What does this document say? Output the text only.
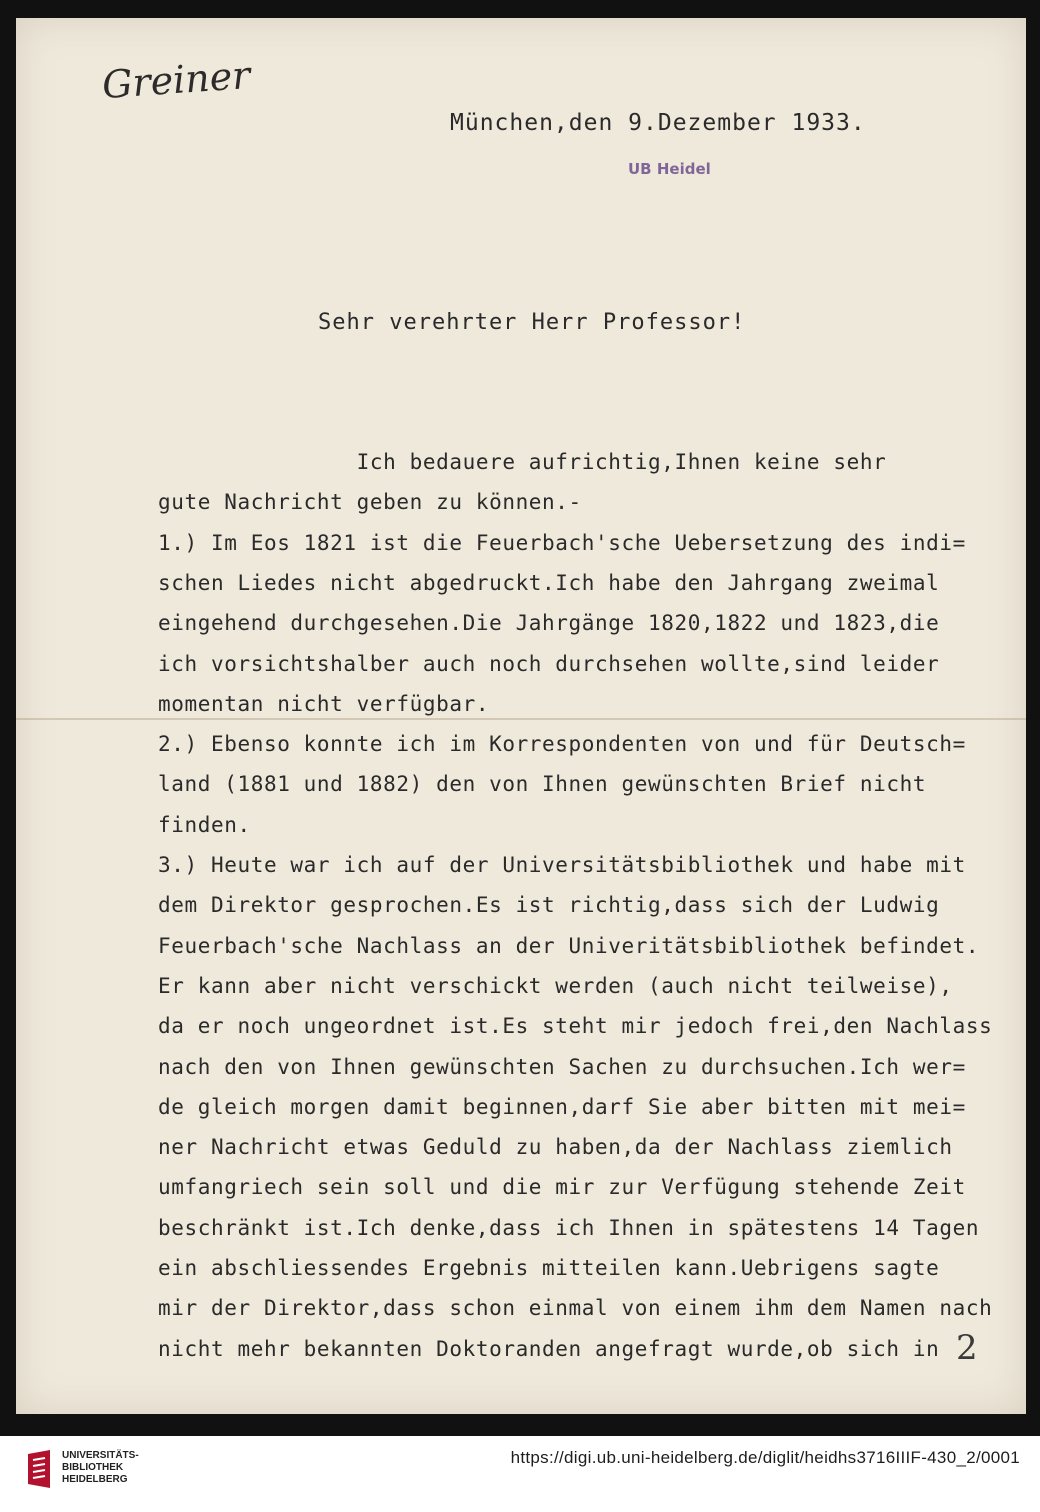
Greiner
München,den 9.Dezember 1933.
UB Heidel
Sehr verehrter Herr Professor!
Ich bedauere aufrichtig,Ihnen keine sehr
gute Nachricht geben zu können.-
1.) Im Eos 1821 ist die Feuerbach'sche Uebersetzung des indi=
schen Liedes nicht abgedruckt.Ich habe den Jahrgang zweimal
eingehend durchgesehen.Die Jahrgänge 1820,1822 und 1823,die
ich vorsichtshalber auch noch durchsehen wollte,sind leider
momentan nicht verfügbar.
2.) Ebenso konnte ich im Korrespondenten von und für Deutsch=
land (1881 und 1882) den von Ihnen gewünschten Brief nicht
finden.
3.) Heute war ich auf der Universitätsbibliothek und habe mit
dem Direktor gesprochen.Es ist richtig,dass sich der Ludwig
Feuerbach'sche Nachlass an der Univeritätsbibliothek befindet.
Er kann aber nicht verschickt werden (auch nicht teilweise),
da er noch ungeordnet ist.Es steht mir jedoch frei,den Nachlass
nach den von Ihnen gewünschten Sachen zu durchsuchen.Ich wer=
de gleich morgen damit beginnen,darf Sie aber bitten mit mei=
ner Nachricht etwas Geduld zu haben,da der Nachlass ziemlich
umfangriech sein soll und die mir zur Verfügung stehende Zeit
beschränkt ist.Ich denke,dass ich Ihnen in spätestens 14 Tagen
ein abschliessendes Ergebnis mitteilen kann.Uebrigens sagte
mir der Direktor,dass schon einmal von einem ihm dem Namen nach
nicht mehr bekannten Doktoranden angefragt wurde,ob sich in 2
UNIVERSITÄTS-
BIBLIOTHEK
HEIDELBERG
https://digi.ub.uni-heidelberg.de/diglit/heidhs3716IIIF-430_2/0001
